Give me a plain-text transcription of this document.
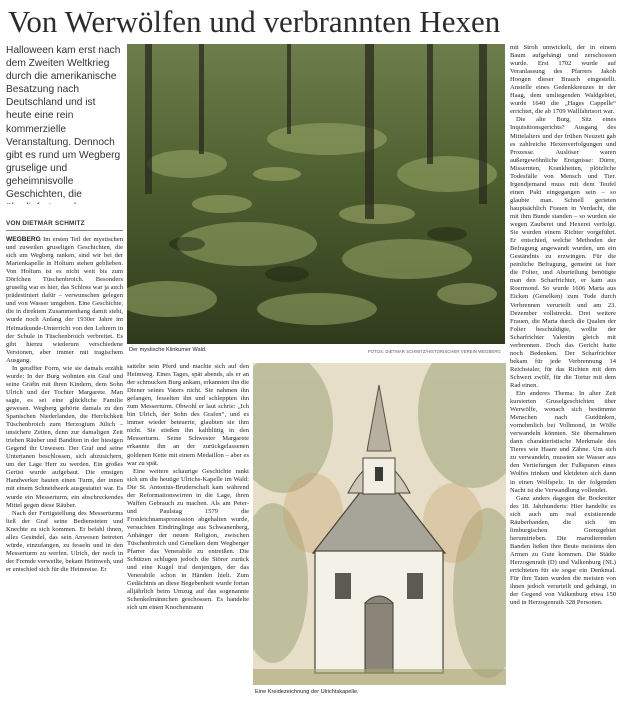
Von Werwölfen und verbrannten Hexen
Halloween kam erst nach dem Zweiten Weltkrieg durch die amerikanische Besatzung nach Deutschland und ist heute eine rein kommerzielle Veranstaltung. Dennoch gibt es rund um Wegberg gruselige und geheimnisvolle Geschichten, die
VON DIETMAR SCHMITZ

WEGBERG Im ersten Teil der mystischen und zuweilen gruseligen Geschichten, die sich um Wegberg ranken, sind wir bei der Marienkapelle in Holtum stehen geblieben. Von Holtum ist es nicht weit bis zum Dörfchen Tüschenbroich. Besonders gruselig war es hier, das Schloss war ja auch prädestiniert dafür – verwunschen gelegen und von Wasser umgeben. Eine Geschichte, die in direktem Zusammenhang damit steht, wurde noch Anfang der 1930er Jahre im Heimatkunde-Unterricht von den Lehrern in der Schule in Tüschenbroich verbreitet. Es gibt hierzu wiederum verschiedene Versionen, aber immer mit tragischem Ausgang.

In geraffter Form, wie sie damals erzählt wurde: In der Burg wohnten ein Graf und seine Gräfin mit ihren Kindern, dem Sohn Ulrich und der Tochter Margarete. Man sagte, es sei eine glückliche Familie gewesen. Wegberg gehörte damals zu den Spanischen Niederlanden, die Herrlichkeit Tüschenbroich zum Herzogtum Jülich – unsichere Zeiten, denn zur damaligen Zeit trieben Räuber und Banditen in der hiesigen Gegend ihr Unwesen. Der Graf und seine Untertanen beschlossen, sich abzusichern, um der Lage Herr zu werden. Ein großes Gerüst wurde aufgebaut. Die emsigen Handwerker bauten einen Turm, der innen mit einem Schneidwerk ausgestattet war. Es wurde ein Messerturm, ein abschreckendes Mittel gegen diese Räuber.

Nach der Fertigstellung des Messerturms ließ der Graf seine Bediensteten und Knechte zu sich kommen. Er befahl ihnen, alles Gesindel, das sein Anwesen betreten würde, einzufangen, zu fesseln und in den Messerturm zu werfen. Ulrich, der noch in der Fremde verweilte, bekam Heimweh, und er entschied sich für die Heimreise. Er

Der mystische Klinkumer Wald.	FOTOS: DIETMAR SCHMITZ/HISTORISCHER VEREIN WEGBERG

sattelte sein Pferd und machte sich auf den Heimweg. Eines Tages, spät abends, als er an der schmucken Burg ankam, erkannten ihn die Diener seines Vaters nicht. Sie nahmen ihn gefangen, fesselten ihn und schleppten ihn zum Messerturm. Obwohl er laut schrie: „Ich bin Ulrich, der Sohn des Grafen“, und es immer wieder beteuerte, glaubten sie ihm nicht. Sie stießen ihn kaltblütig in den Messerturm. Seine Schwester Margarete erkannte ihn an der zurückgelassenen goldenen Kette mit einem Medaillon – aber es war zu spät.

Eine weitere schaurige Geschichte rankt sich um die heutige Ulrichs-Kapelle im Wald: Die St. Antonius-Bruderschaft kam während der Reformationswirren in die Lage, ihren Waffen Gebrauch zu machen. Als am Peter- und Paulstag 1579 die Fronleichnamsprozession abgehalten wurde, versuchten Eindringlinge aus Schwanenberg, Anhänger der neuen Religion, zwischen Tüschenbroich und Genelken dem Wegberger Pfarrer das Venerabile zu entreißen. Die Schützen schlugen jedoch die Störer zurück und eine Kugel traf denjenigen, der das Venerabile schon in Händen hielt. Zum Gedächtnis an diese Begebenheit wurde fortan alljährlich beim Umzug auf das sogenannte Schenkelmännchen geschossen. Es handelte sich um einen Knochenmann

Eine Kreidezeichnung der Ulrichtskapelle.

mit Stroh umwickelt, der in einem Baum aufgehängt und zerschossen wurde. Erst 1702 wurde auf Veranlassung des Pfarrers Jakob Hoogen dieser Brauch eingestellt. Anstelle eines Gedenkkreuzes in der Haag, dem umliegenden Waldgebiet, wurde 1640 die „Hages Cappelle“ errichtet, die ab 1709 Wallfahrtsort war.

Die alte Burg, Sitz eines Inquisitionsgerichts? Ausgang des Mittelalters und der frühen Neuzeit gab es zahlreiche Hexenverfolgungen und Prozesse. Auslöser waren außergewöhnliche Ereignisse: Dürre, Missernten, Krankheiten, plötzliche Todesfälle von Mensch und Tier. Irgendjemand muss mit dem Teufel einen Pakt eingegangen sein – so glaubte man. Schnell gerieten hauptsächlich Frauen in Verdacht, die mit ihm Bunde standen – so wurden sie wegen Zauberei und Hexerei verfolgt. Sie wurden einem Richter vorgeführt. Er entschied, welche Methoden der Befragung angewandt wurden, um ein Geständnis zu erzwingen. Für die peinliche Befragung, gemeint ist hier die Folter, und Aburteilung benötigte man den Scharfrichter, er kam aus Roermond. So wurde 1606 Marta aus Eicken (Genelken) zum Tode durch Verbrennen verurteilt und am 23. Dezember vollstreckt. Drei weitere Frauen, die Marta durch die Qualen der Folter beschuldigte, wollte der Scharfrichter Valentin gleich mit verbrennen. Doch das Gericht hatte noch Bedenken. Der Scharfrichter bekam für jede Verbrennung 14 Reichstaler, für das Richten mit dem Schwert zwölf, für die Tortur mit dem Rad einen.

Ein anderes Thema: In alter Zeit kursierten Gruselgeschichten über Werwölfe, wonach sich bestimmte Menschen nach Gutdünken, vornehmlich bei Vollmond, in Wölfe verwandeln könnten. Sie übernahmen dann charakteristische Merkmale des Tieres wie Haare und Zähne. Um sich zu verwandeln, mussten sie Wasser aus den Vertiefungen der Fußspuren eines Wolfes trinken und kleideten sich dann in einen Wolfspelz. In der folgenden Nacht ist die Verwandlung vollendet.

Ganz anders dagegen die Bockreiter des 18. Jahrhunderts: Hier handelte es sich auch um real existierende Räuberbanden, die sich im limburgischen Grenzgebiet herumtrieben. Die marodierenden Banden ließen ihre Beute meistens den Armen zu Gute kommen. Die Städte Herzogenrath (D) und Valkenburg (NL) errichteten für sie sogar ein Denkmal. Für ihre Taten wurden die meisten von ihnen jedoch verurteilt und gehängt, in der Gegend von Valkenburg etwa 150 und in Herzogenrath 328 Personen.
